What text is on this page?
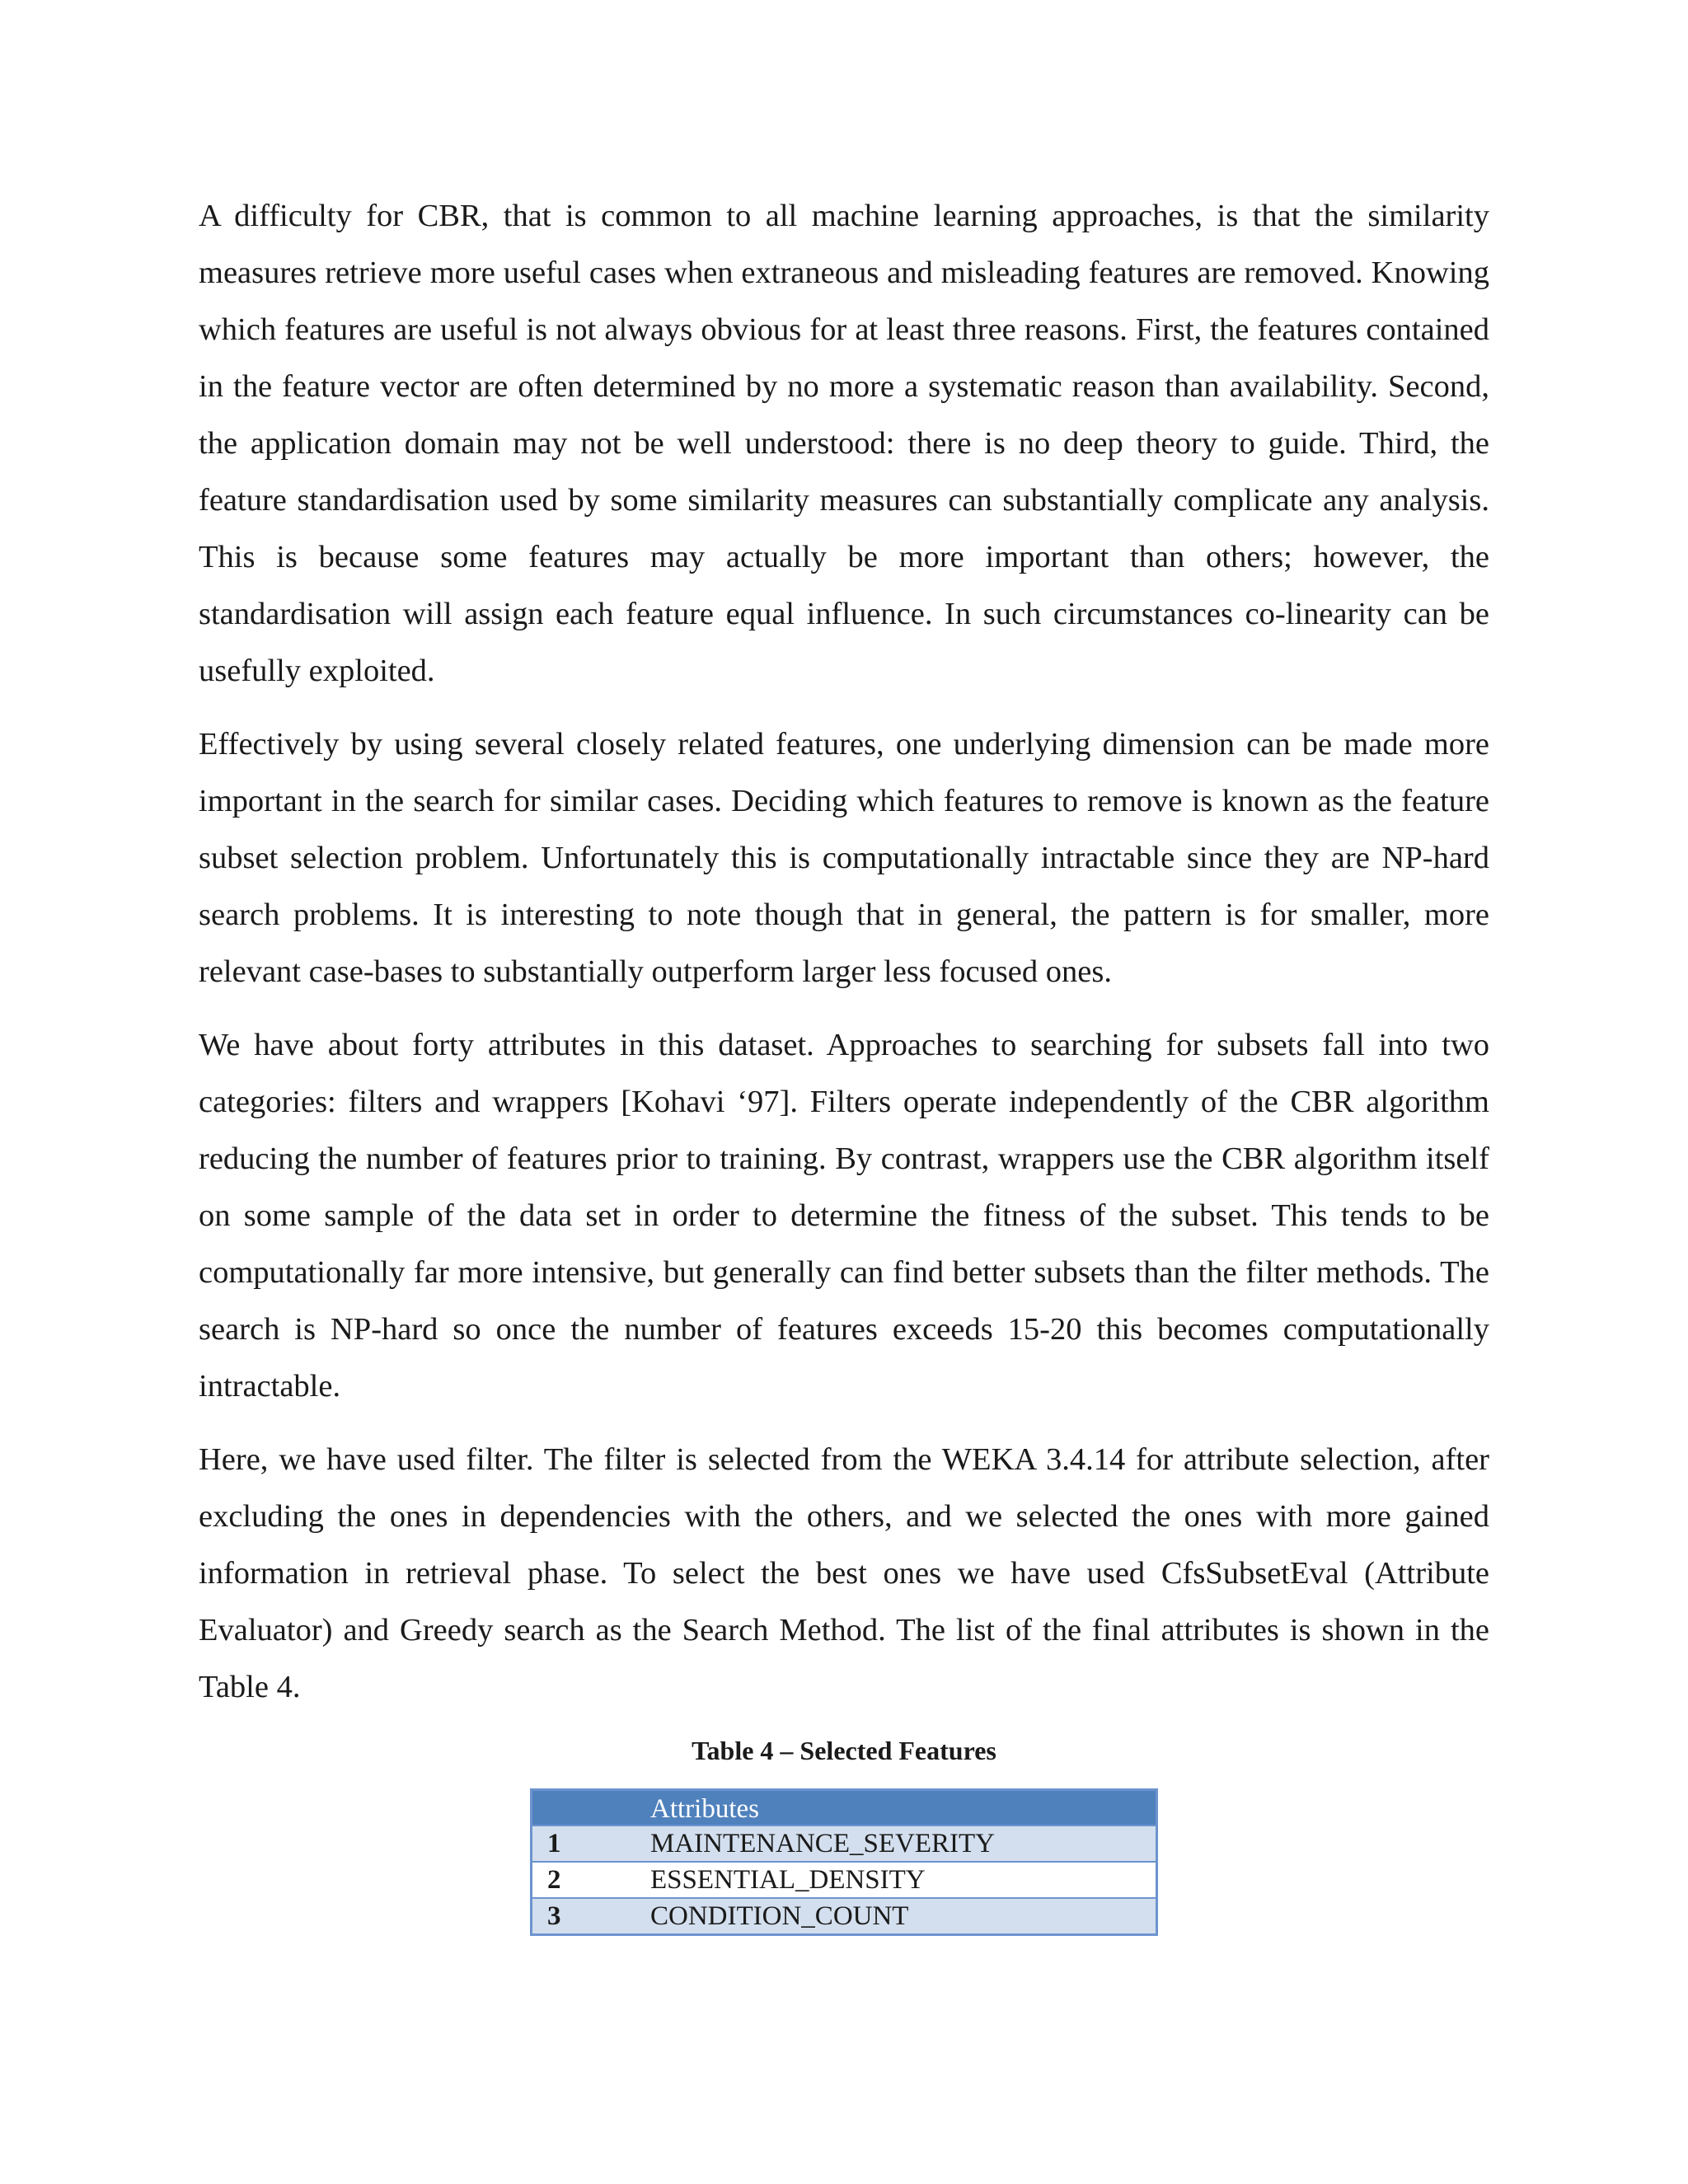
A difficulty for CBR, that is common to all machine learning approaches, is that the similarity measures retrieve more useful cases when extraneous and misleading features are removed. Knowing which features are useful is not always obvious for at least three reasons. First, the features contained in the feature vector are often determined by no more a systematic reason than availability. Second, the application domain may not be well understood: there is no deep theory to guide. Third, the feature standardisation used by some similarity measures can substantially complicate any analysis. This is because some features may actually be more important than others; however, the standardisation will assign each feature equal influence. In such circumstances co-linearity can be usefully exploited.

Effectively by using several closely related features, one underlying dimension can be made more important in the search for similar cases. Deciding which features to remove is known as the feature subset selection problem. Unfortunately this is computationally intractable since they are NP-hard search problems. It is interesting to note though that in general, the pattern is for smaller, more relevant case-bases to substantially outperform larger less focused ones.

We have about forty attributes in this dataset. Approaches to searching for subsets fall into two categories: filters and wrappers [Kohavi ‘97]. Filters operate independently of the CBR algorithm reducing the number of features prior to training. By contrast, wrappers use the CBR algorithm itself on some sample of the data set in order to determine the fitness of the subset. This tends to be computationally far more intensive, but generally can find better subsets than the filter methods. The search is NP-hard so once the number of features exceeds 15-20 this becomes computationally intractable.

Here, we have used filter. The filter is selected from the WEKA 3.4.14 for attribute selection, after excluding the ones in dependencies with the others, and we selected the ones with more gained information in retrieval phase. To select the best ones we have used CfsSubsetEval (Attribute Evaluator) and Greedy search as the Search Method. The list of the final attributes is shown in the Table 4.

Table 4 – Selected Features
	Attributes
1	MAINTENANCE_SEVERITY
2	ESSENTIAL_DENSITY
3	CONDITION_COUNT
